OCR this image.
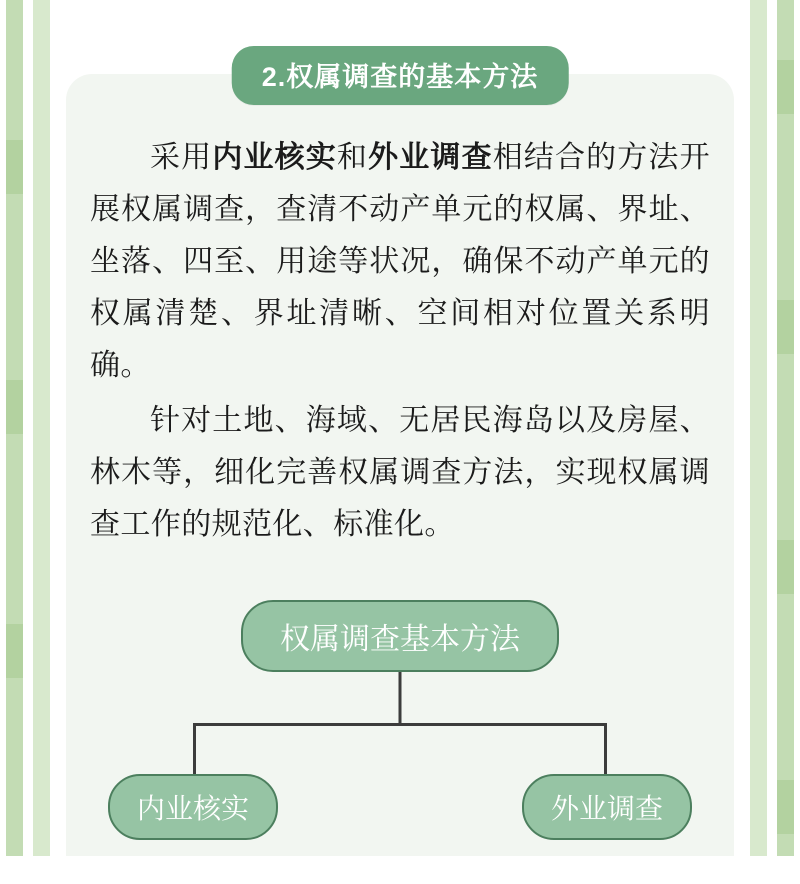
采用内业核实和外业调查相结合的方法开展权属调查，查清不动产单元的权属、界址、坐落、四至、用途等状况，确保不动产单元的权属清楚、界址清晰、空间相对位置关系明确。

针对土地、海域、无居民海岛以及房屋、林木等，细化完善权属调查方法，实现权属调查工作的规范化、标准化。

权属调查基本方法
内业核实	外业调查
2.权属调查的基本方法
